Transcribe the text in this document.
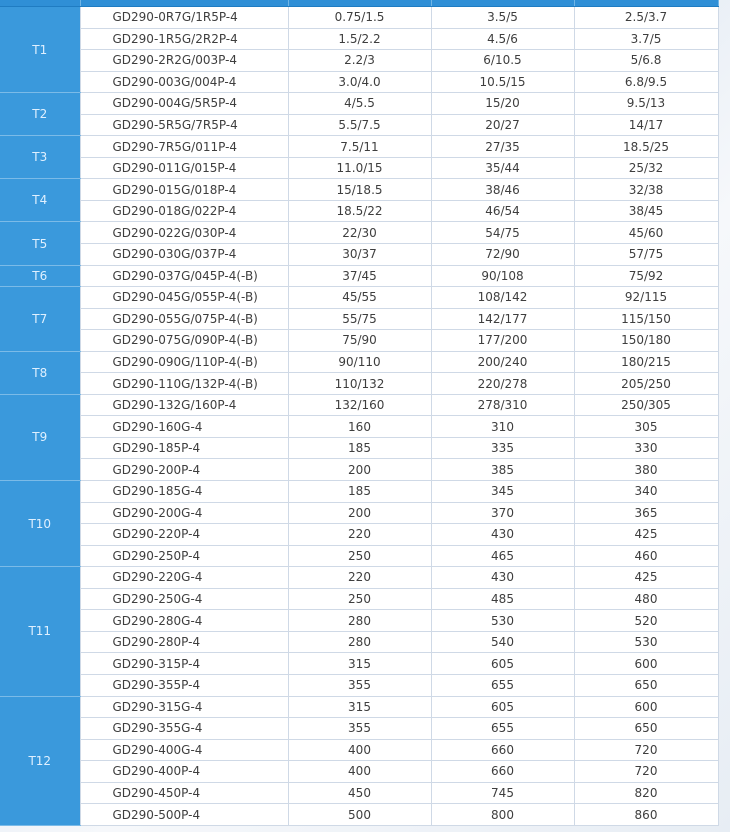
T1	GD290-0R7G/1R5P-4	0.75/1.5	3.5/5	2.5/3.7
	GD290-1R5G/2R2P-4	1.5/2.2	4.5/6	3.7/5
	GD290-2R2G/003P-4	2.2/3	6/10.5	5/6.8
	GD290-003G/004P-4	3.0/4.0	10.5/15	6.8/9.5
T2	GD290-004G/5R5P-4	4/5.5	15/20	9.5/13
	GD290-5R5G/7R5P-4	5.5/7.5	20/27	14/17
T3	GD290-7R5G/011P-4	7.5/11	27/35	18.5/25
	GD290-011G/015P-4	11.0/15	35/44	25/32
T4	GD290-015G/018P-4	15/18.5	38/46	32/38
	GD290-018G/022P-4	18.5/22	46/54	38/45
T5	GD290-022G/030P-4	22/30	54/75	45/60
	GD290-030G/037P-4	30/37	72/90	57/75
T6	GD290-037G/045P-4(-B)	37/45	90/108	75/92
T7	GD290-045G/055P-4(-B)	45/55	108/142	92/115
	GD290-055G/075P-4(-B)	55/75	142/177	115/150
	GD290-075G/090P-4(-B)	75/90	177/200	150/180
T8	GD290-090G/110P-4(-B)	90/110	200/240	180/215
	GD290-110G/132P-4(-B)	110/132	220/278	205/250
T9	GD290-132G/160P-4	132/160	278/310	250/305
	GD290-160G-4	160	310	305
	GD290-185P-4	185	335	330
	GD290-200P-4	200	385	380
T10	GD290-185G-4	185	345	340
	GD290-200G-4	200	370	365
	GD290-220P-4	220	430	425
	GD290-250P-4	250	465	460
T11	GD290-220G-4	220	430	425
	GD290-250G-4	250	485	480
	GD290-280G-4	280	530	520
	GD290-280P-4	280	540	530
	GD290-315P-4	315	605	600
	GD290-355P-4	355	655	650
T12	GD290-315G-4	315	605	600
	GD290-355G-4	355	655	650
	GD290-400G-4	400	660	720
	GD290-400P-4	400	660	720
	GD290-450P-4	450	745	820
	GD290-500P-4	500	800	860
